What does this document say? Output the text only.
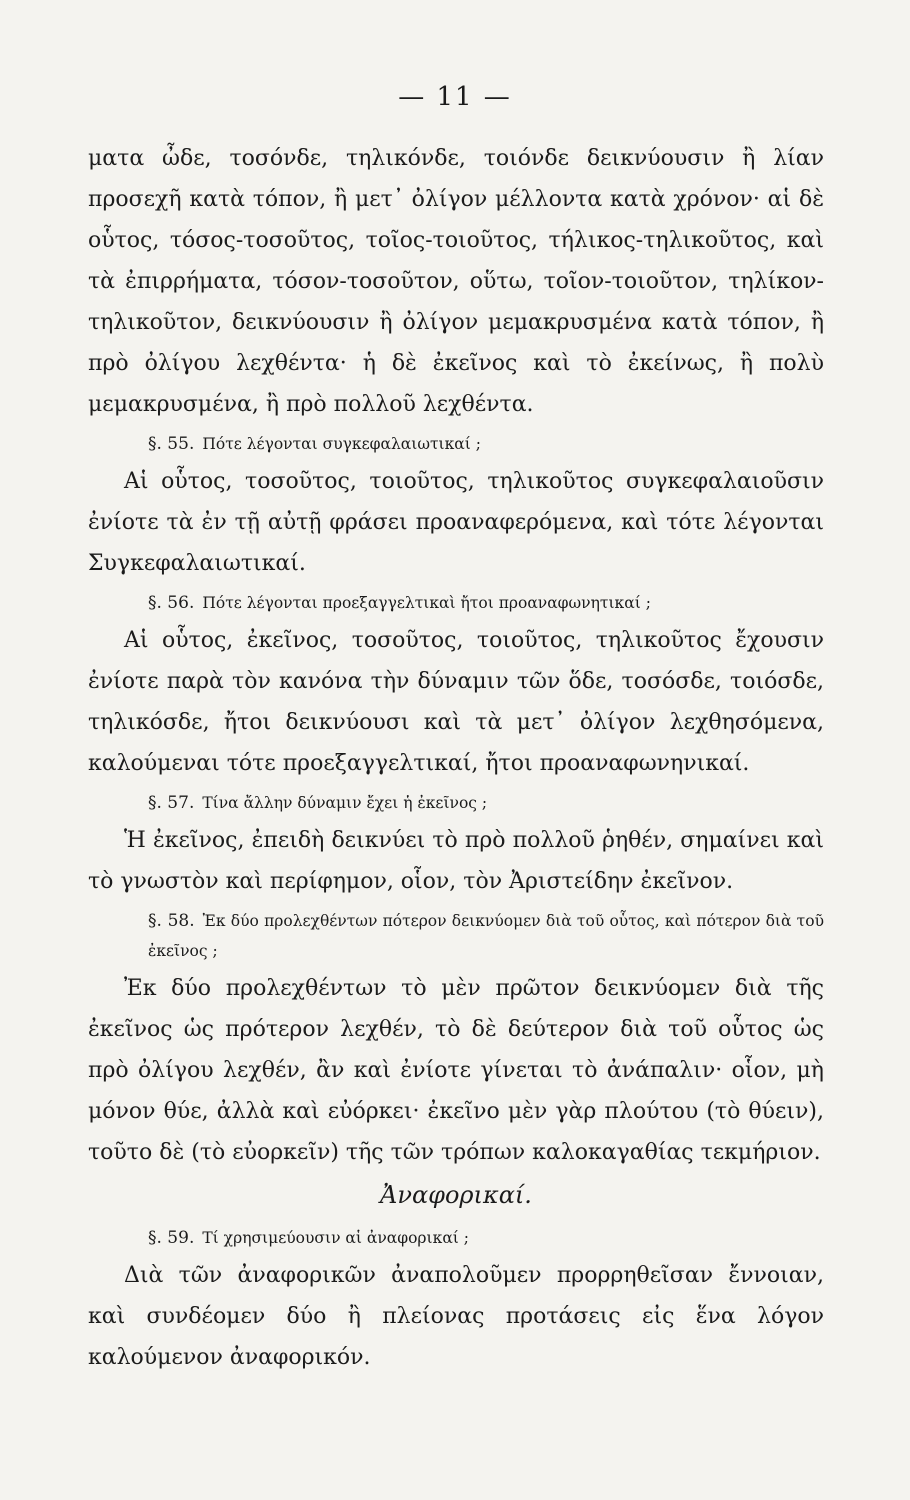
— 11 —

ματα ὦδε, τοσόνδε, τηλικόνδε, τοιόνδε δεικνύουσιν ἢ λίαν προσεχῆ κατὰ τόπον, ἢ μετ᾽ ὀλίγον μέλλοντα κατὰ χρόνον· αἱ δὲ οὗτος, τόσος-τοσοῦτος, τοῖος-τοιοῦτος, τήλικος-τηλικοῦτος, καὶ τὰ ἐπιρρήματα, τόσον-τοσοῦτον, οὕτω, τοῖον-τοιοῦτον, τηλίκον-τηλικοῦτον, δεικνύουσιν ἢ ὀλίγον μεμακρυσμένα κατὰ τόπον, ἢ πρὸ ὀλίγου λεχθέντα· ἡ δὲ ἐκεῖνος καὶ τὸ ἐκείνως, ἢ πολὺ μεμακρυσμένα, ἢ πρὸ πολλοῦ λεχθέντα.

§. 55. Πότε λέγονται συγκεφαλαιωτικαί ;

Αἱ οὗτος, τοσοῦτος, τοιοῦτος, τηλικοῦτος συγκεφαλαιοῦσιν ἐνίοτε τὰ ἐν τῇ αὐτῇ φράσει προαναφερόμενα, καὶ τότε λέγονται Συγκεφαλαιωτικαί.

§. 56. Πότε λέγονται προεξαγγελτικαὶ ἤτοι προαναφωνητικαί ;

Αἱ οὗτος, ἐκεῖνος, τοσοῦτος, τοιοῦτος, τηλικοῦτος ἔχουσιν ἐνίοτε παρὰ τὸν κανόνα τὴν δύναμιν τῶν ὅδε, τοσόσδε, τοιόσδε, τηλικόσδε, ἤτοι δεικνύουσι καὶ τὰ μετ᾽ ὀλίγον λεχθησόμενα, καλούμεναι τότε προεξαγγελτικαί, ἤτοι προαναφωνηνικαί.

§. 57. Τίνα ἄλλην δύναμιν ἔχει ἡ ἐκεῖνος ;

Ἡ ἐκεῖνος, ἐπειδὴ δεικνύει τὸ πρὸ πολλοῦ ῥηθέν, σημαίνει καὶ τὸ γνωστὸν καὶ περίφημον, οἷον, τὸν Ἀριστείδην ἐκεῖνον.

§. 58. Ἐκ δύο προλεχθέντων πότερον δεικνύομεν διὰ τοῦ οὗτος, καὶ πότερον διὰ τοῦ ἐκεῖνος ;

Ἐκ δύο προλεχθέντων τὸ μὲν πρῶτον δεικνύομεν διὰ τῆς ἐκεῖνος ὡς πρότερον λεχθέν, τὸ δὲ δεύτερον διὰ τοῦ οὗτος ὡς πρὸ ὀλίγου λεχθέν, ἂν καὶ ἐνίοτε γίνεται τὸ ἀνάπαλιν· οἷον, μὴ μόνον θύε, ἀλλὰ καὶ εὐόρκει· ἐκεῖνο μὲν γὰρ πλούτου (τὸ θύειν), τοῦτο δὲ (τὸ εὐορκεῖν) τῆς τῶν τρόπων καλοκαγαθίας τεκμήριον.

Ἀναφορικαί.

§. 59. Τί χρησιμεύουσιν αἱ ἀναφορικαί ;

Διὰ τῶν ἀναφορικῶν ἀναπολοῦμεν προρρηθεῖσαν ἔννοιαν, καὶ συνδέομεν δύο ἢ πλείονας προτάσεις εἰς ἕνα λόγον καλούμενον ἀναφορικόν.
